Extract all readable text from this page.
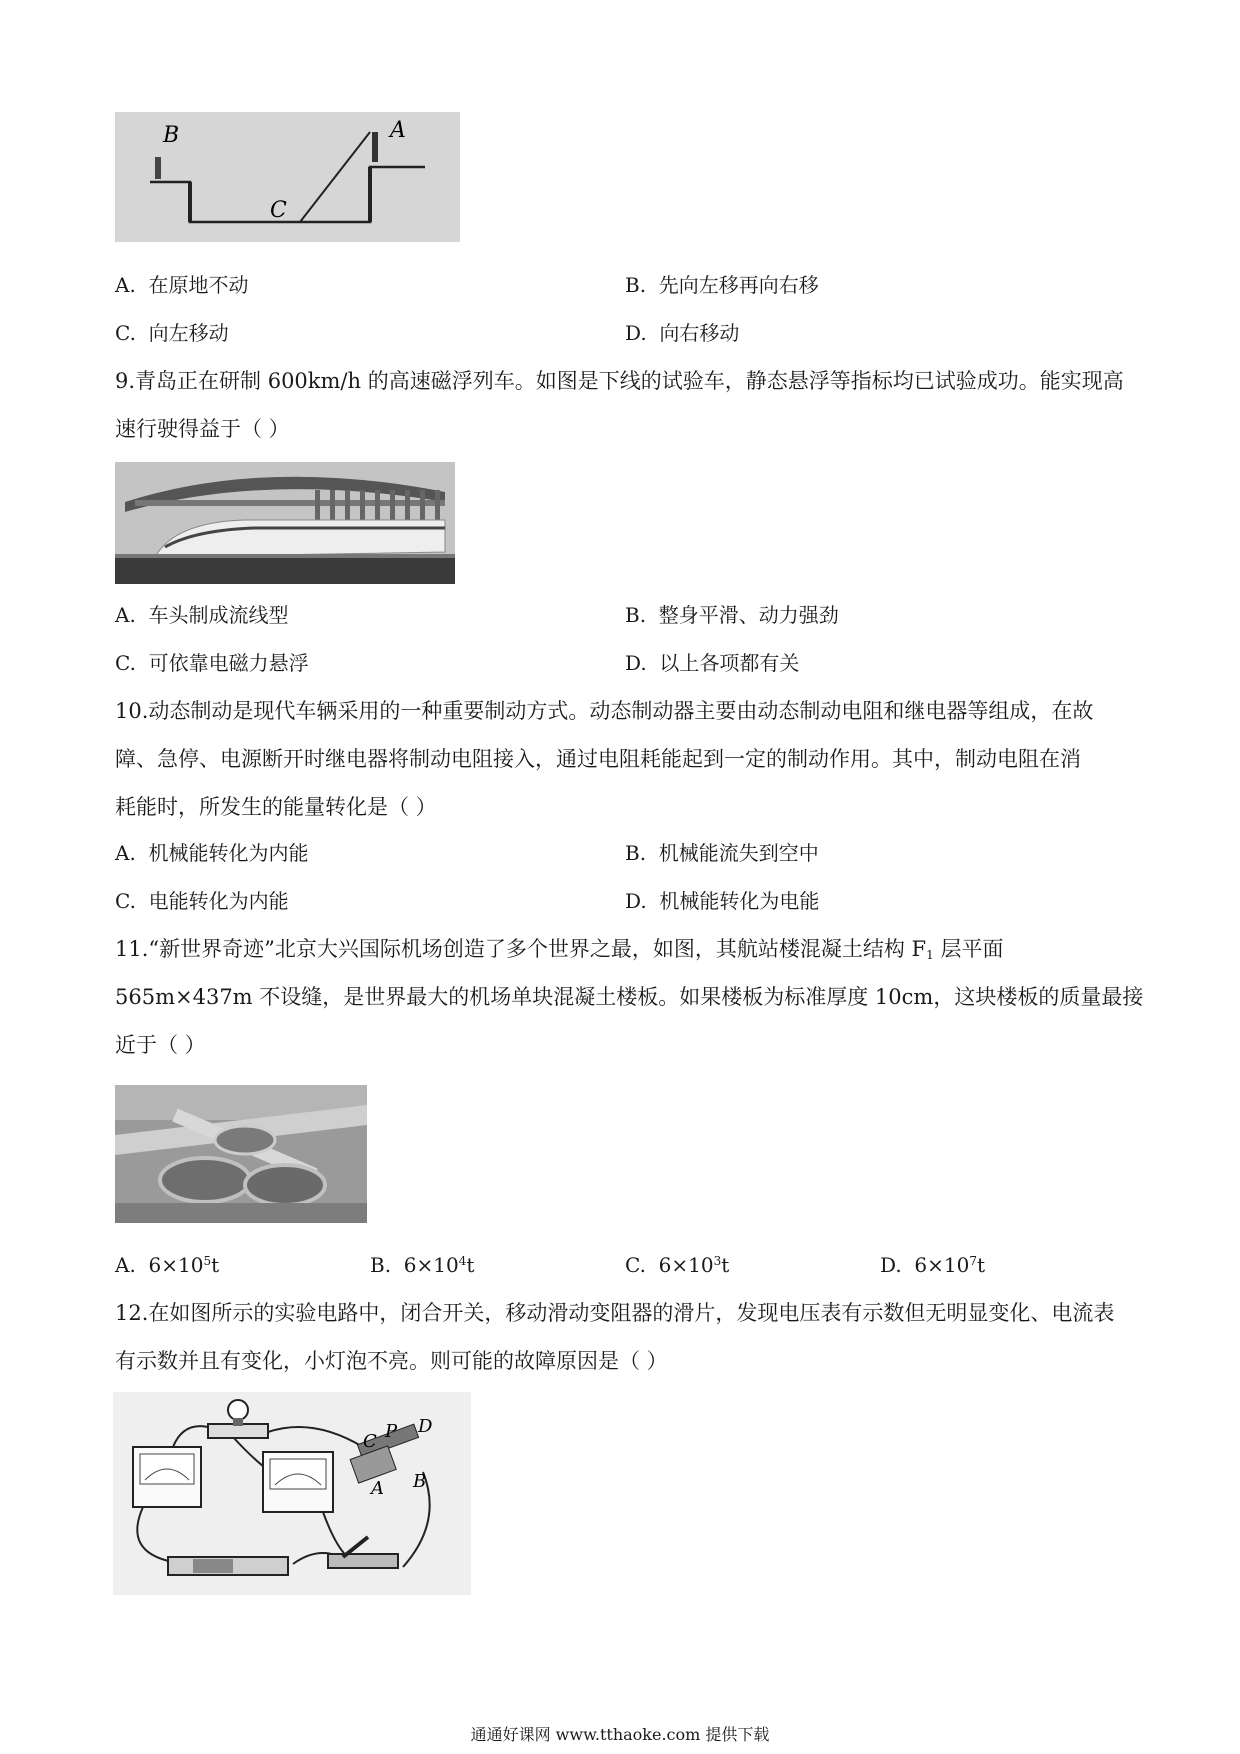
B	A
C
A. 在原地不动	B. 先向左移再向右移
C. 向左移动	D. 向右移动
9.青岛正在研制 600km/h 的高速磁浮列车。如图是下线的试验车，静态悬浮等指标均已试验成功。能实现高
速行驶得益于（ ）
A. 车头制成流线型	B. 整身平滑、动力强劲
C. 可依靠电磁力悬浮	D. 以上各项都有关
10.动态制动是现代车辆采用的一种重要制动方式。动态制动器主要由动态制动电阻和继电器等组成，在故
障、急停、电源断开时继电器将制动电阻接入，通过电阻耗能起到一定的制动作用。其中，制动电阻在消
耗能时，所发生的能量转化是（ ）
A. 机械能转化为内能	B. 机械能流失到空中
C. 电能转化为内能	D. 机械能转化为电能
11.“新世界奇迹”北京大兴国际机场创造了多个世界之最，如图，其航站楼混凝土结构 $F_1$ 层平面
565m×437m 不设缝，是世界最大的机场单块混凝土楼板。如果楼板为标准厚度 10cm，这块楼板的质量最接
近于（ ）
A. $6\times 10^5t$	B. $6\times 10^4t$	C. $6\times 10^3t$	D. $6\times 10^7t$
12.在如图所示的实验电路中，闭合开关，移动滑动变阻器的滑片，发现电压表有示数但无明显变化、电流表
有示数并且有变化，小灯泡不亮。则可能的故障原因是（ ）
C P D
A B
通通好课网 www.tthaoke.com 提供下载
